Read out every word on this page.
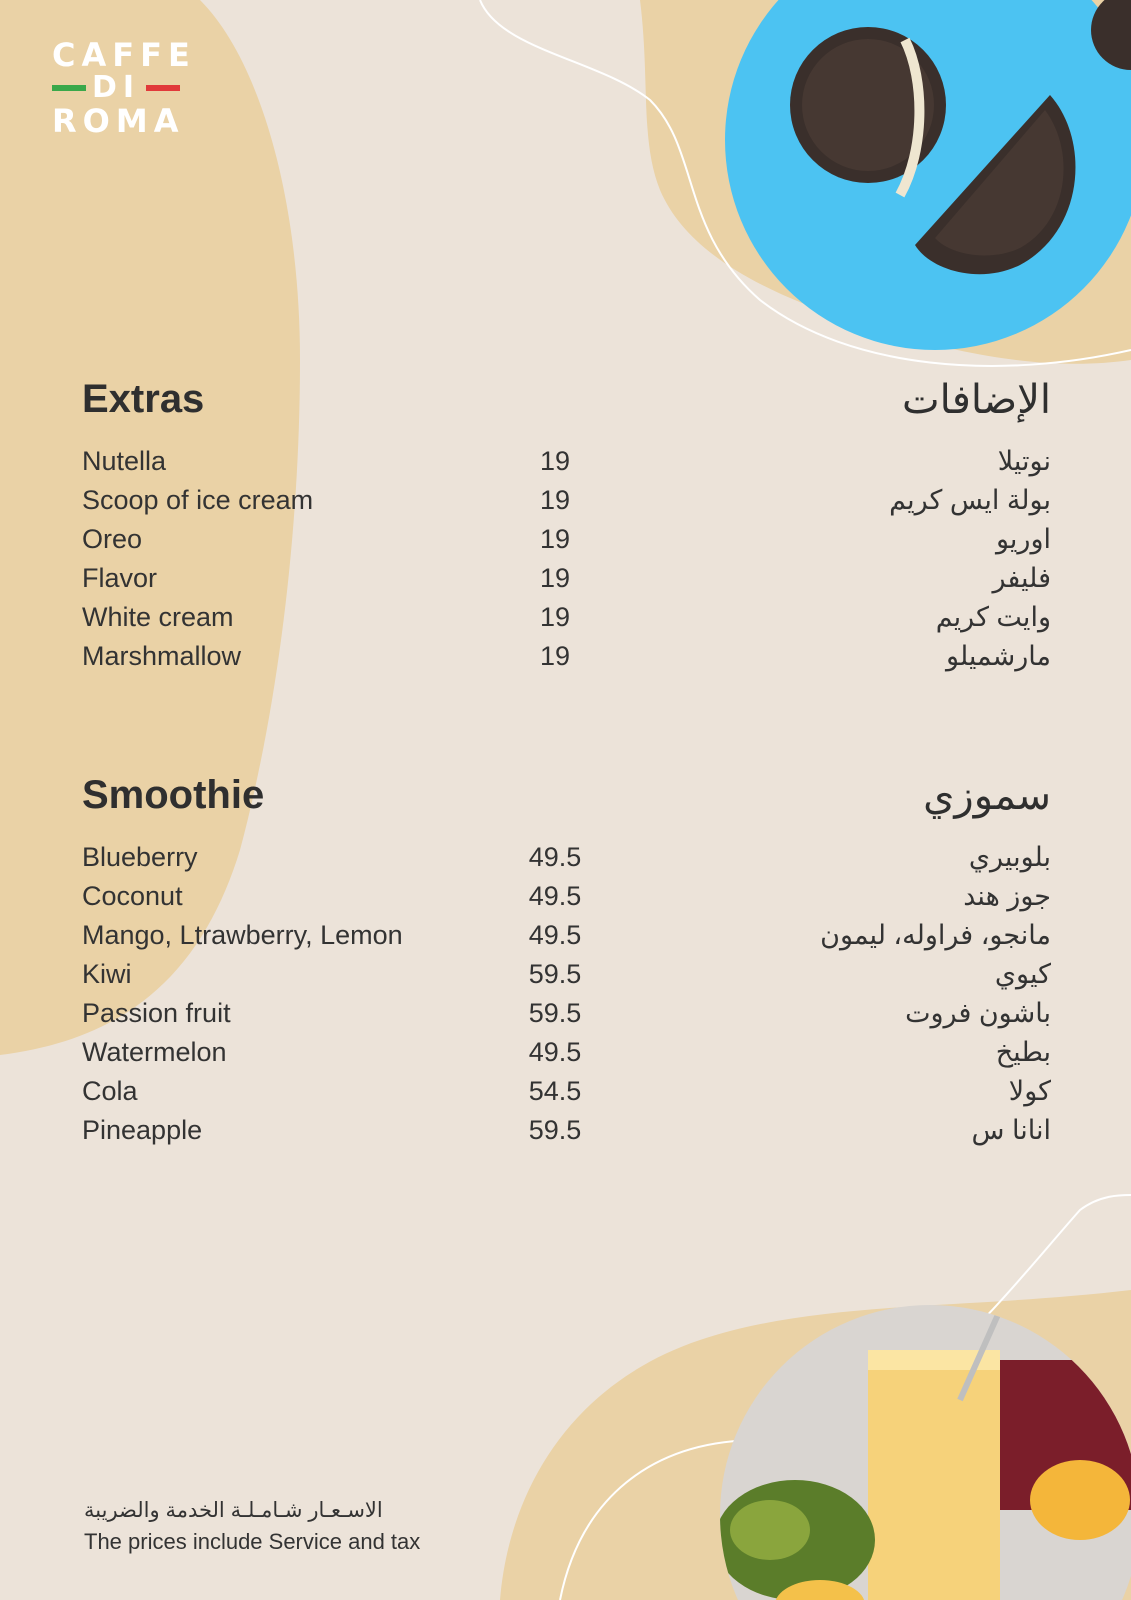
CAFFE
DI
ROMA
Extras	الإضافات
Nutella	19	نوتيلا
Scoop of ice cream	19	بولة ايس كريم
Oreo	19	اوريو
Flavor	19	فليفر
White cream	19	وايت كريم
Marshmallow	19	مارشميلو
Smoothie	سموزي
Blueberry	49.5	بلوبيري
Coconut	49.5	جوز هند
Mango, Ltrawberry, Lemon	49.5	مانجو، فراوله، ليمون
Kiwi	59.5	كيوي
Passion fruit	59.5	باشون فروت
Watermelon	49.5	بطيخ
Cola	54.5	كولا
Pineapple	59.5	انانا س
الاسـعـار شـامـلـة الخدمة والضريبة
The prices include Service and tax
